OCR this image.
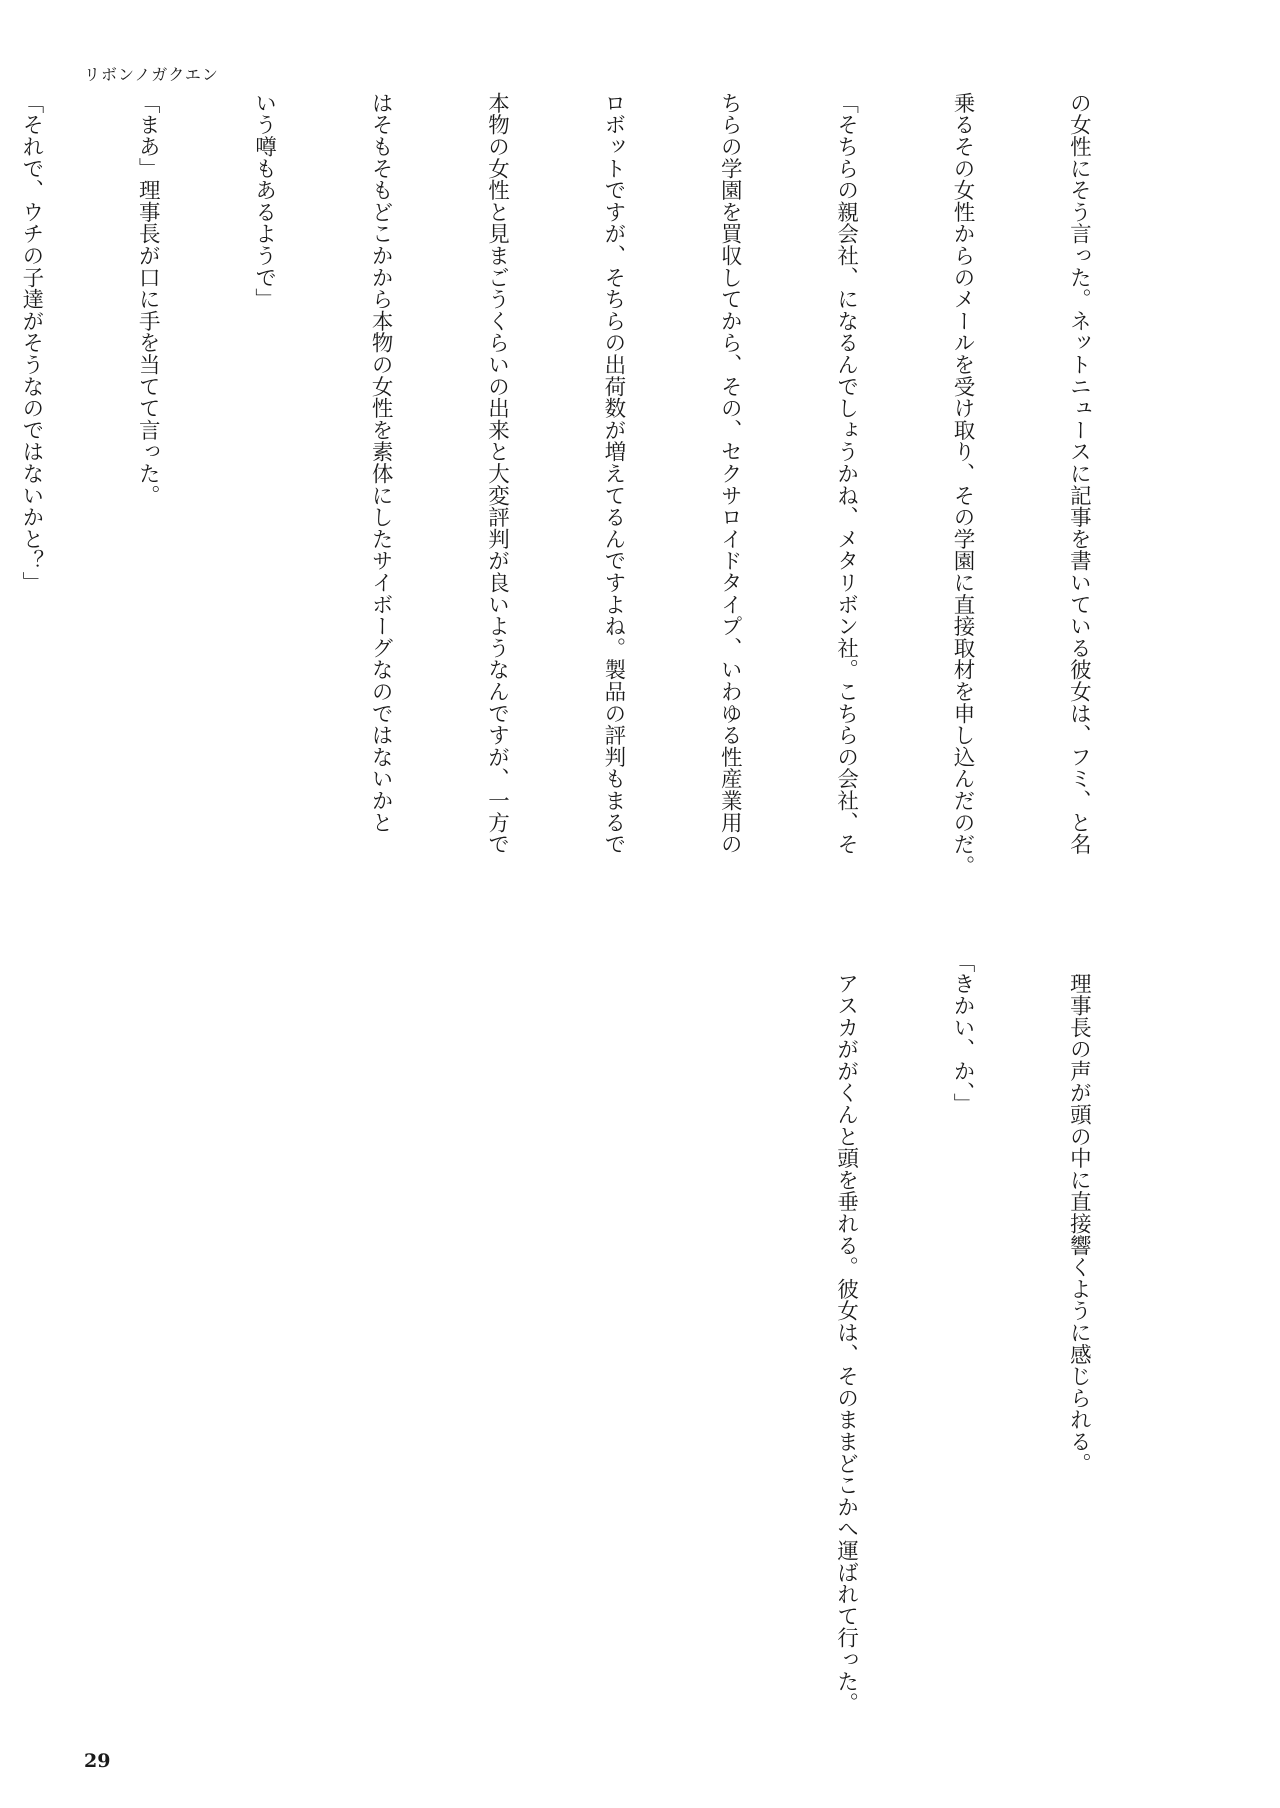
リボンノガクエン

の女性にそう言った。ネットニュースに記事を書いている彼女は、フミ、と名

乗るその女性からのメールを受け取り、その学園に直接取材を申し込んだのだ。

「そちらの親会社、になるんでしょうかね、メタリボン社。こちらの会社、そ

ちらの学園を買収してから、その、セクサロイドタイプ、いわゆる性産業用の

ロボットですが、そちらの出荷数が増えてるんですよね。製品の評判もまるで

本物の女性と見まごうくらいの出来と大変評判が良いようなんですが、一方で

はそもそもどこかから本物の女性を素体にしたサイボーグなのではないかと

いう噂もあるようで」

「まあ」理事長が口に手を当てて言った。

「それで、ウチの子達がそうなのではないかと？」

　理事長の声が頭の中に直接響くように感じられる。

「きかい、か、」

　アスカががくんと頭を垂れる。彼女は、そのままどこかへ運ばれて行った。

29
